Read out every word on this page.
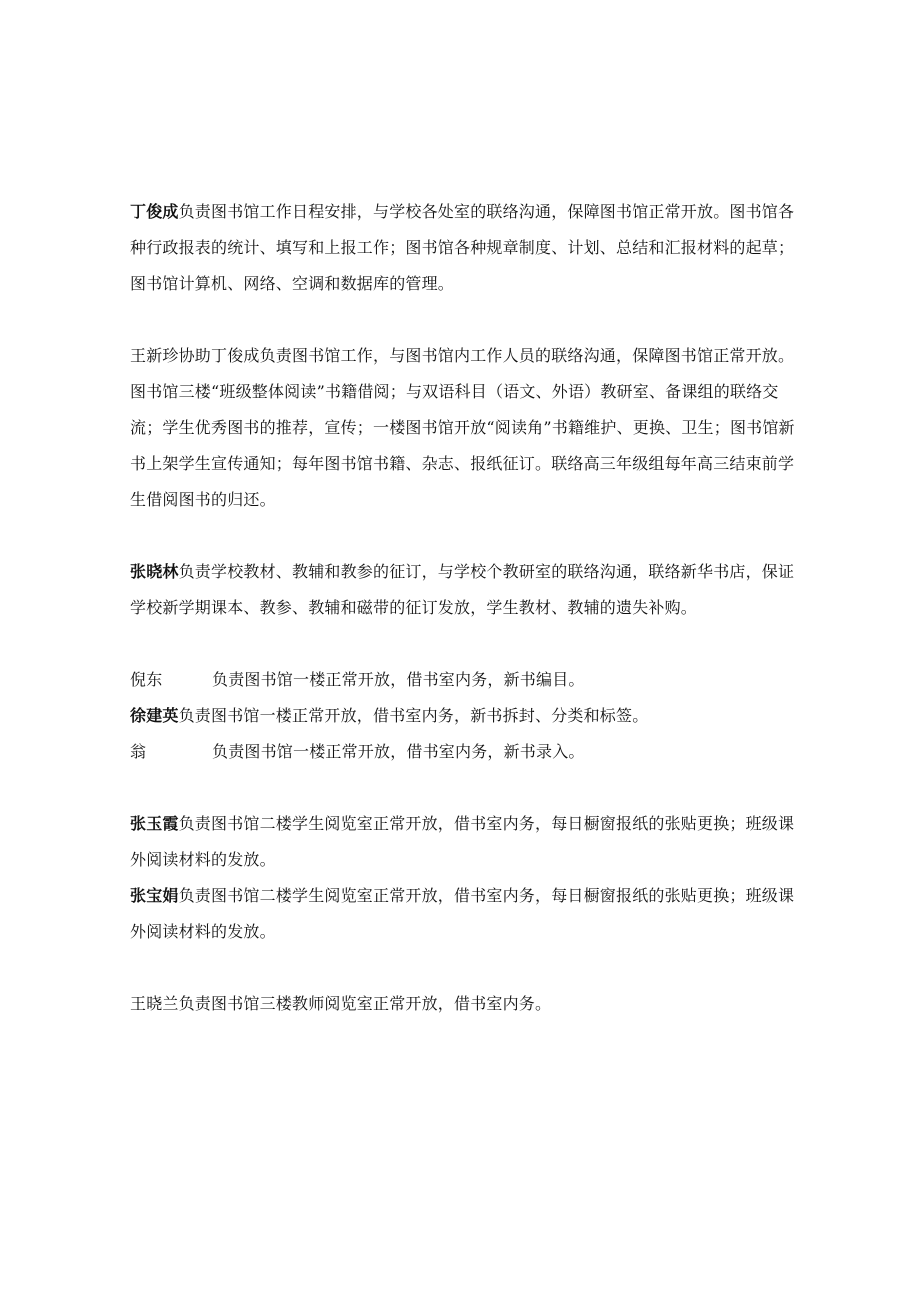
丁俊成负责图书馆工作日程安排，与学校各处室的联络沟通，保障图书馆正常开放。图书馆各种行政报表的统计、填写和上报工作；图书馆各种规章制度、计划、总结和汇报材料的起草；图书馆计算机、网络、空调和数据库的管理。

王新珍协助丁俊成负责图书馆工作，与图书馆内工作人员的联络沟通，保障图书馆正常开放。图书馆三楼“班级整体阅读”书籍借阅；与双语科目（语文、外语）教研室、备课组的联络交流；学生优秀图书的推荐，宣传；一楼图书馆开放“阅读角”书籍维护、更换、卫生；图书馆新书上架学生宣传通知；每年图书馆书籍、杂志、报纸征订。联络高三年级组每年高三结束前学生借阅图书的归还。

张晓林负责学校教材、教辅和教参的征订，与学校个教研室的联络沟通，联络新华书店，保证学校新学期课本、教参、教辅和磁带的征订发放，学生教材、教辅的遗失补购。

倪东	负责图书馆一楼正常开放，借书室内务，新书编目。

徐建英负责图书馆一楼正常开放，借书室内务，新书拆封、分类和标签。

翁	负责图书馆一楼正常开放，借书室内务，新书录入。

张玉霞负责图书馆二楼学生阅览室正常开放，借书室内务，每日橱窗报纸的张贴更换；班级课外阅读材料的发放。

张宝娟负责图书馆二楼学生阅览室正常开放，借书室内务，每日橱窗报纸的张贴更换；班级课外阅读材料的发放。

王晓兰负责图书馆三楼教师阅览室正常开放，借书室内务。
